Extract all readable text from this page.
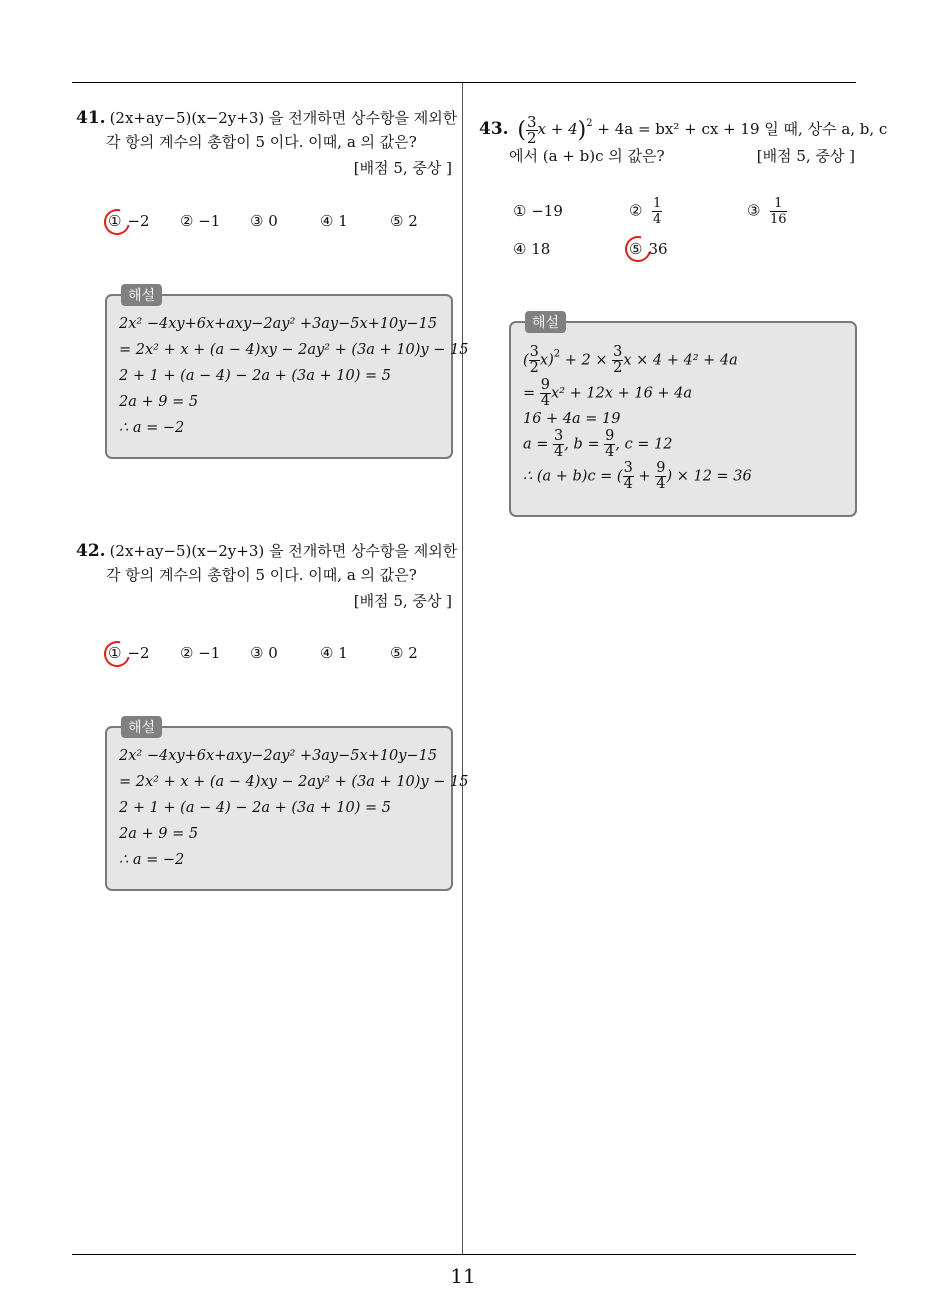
11
41. (2x+ay−5)(x−2y+3) 을 전개하면 상수항을 제외한
각 항의 계수의 총합이 5 이다. 이때, a 의 값은?
[배점 5, 중상 ]
① −2 ② −1 ③ 0	④ 1	⑤ 2
해설
2x² −4xy+6x+axy−2ay² +3ay−5x+10y−15
= 2x² + x + (a − 4)xy − 2ay² + (3a + 10)y − 15
2 + 1 + (a − 4) − 2a + (3a + 10) = 5
2a + 9 = 5
∴ a = −2
42. (2x+ay−5)(x−2y+3) 을 전개하면 상수항을 제외한
각 항의 계수의 총합이 5 이다. 이때, a 의 값은?
[배점 5, 중상 ]
① −2 ② −1 ③ 0	④ 1	⑤ 2
해설
2x² −4xy+6x+axy−2ay² +3ay−5x+10y−15
= 2x² + x + (a − 4)xy − 2ay² + (3a + 10)y − 15
2 + 1 + (a − 4) − 2a + (3a + 10) = 5
2a + 9 = 5
∴ a = −2
43. ( $\frac{3}{2}$ x + 4)$^2$ + 4a = bx² + cx + 19 일 때, 상수 a, b, c
에서 (a + b)c 의 값은?	[배점 5, 중상 ]
① −19	② $\frac{1}{4}$	③ $\frac{1}{16}$
④ 18	⑤ 36
해설
( $\frac{3}{2} x)^2 + 2 \times \frac{3}{2}$ x × 4 + 4² + 4a
= $\frac{9}{4} x^2 + 12x + 16 + 4a$
16 + 4a = 19
$a = \frac{3}{4}$ , $b = \frac{9}{4}$ , c = 12
∴ (a + b)c = ( $\frac{3}{4} + \frac{9}{4}$ ) × 12 = 36
